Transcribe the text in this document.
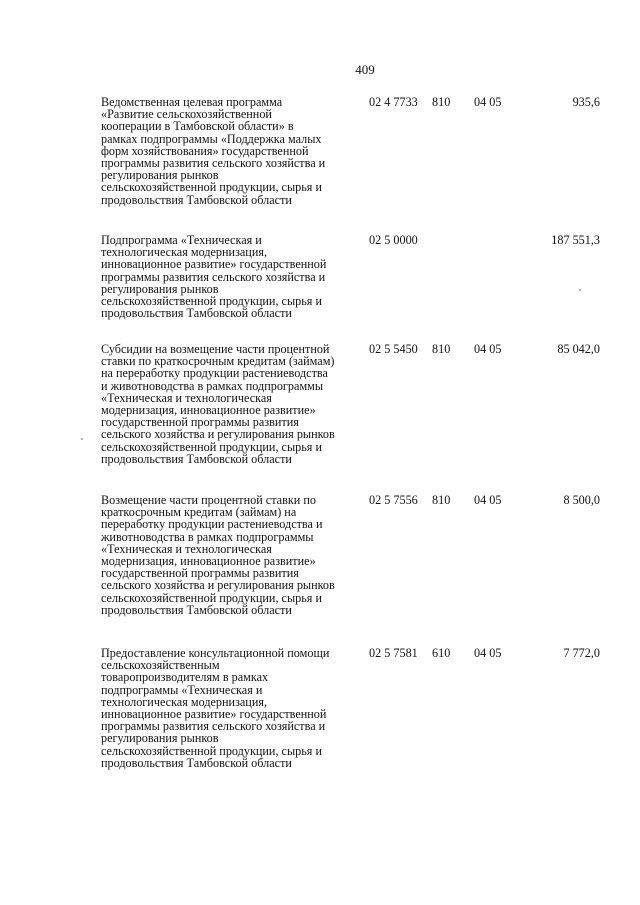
409
Ведомственная целевая программа
«Развитие сельскохозяйственной
кооперации в Тамбовской области» в
рамках подпрограммы «Поддержка малых
форм хозяйствования» государственной
программы развития сельского хозяйства и
регулирования рынков
сельскохозяйственной продукции, сырья и
продовольствия Тамбовской области
02 4 7733 810 04 05	935,6
Подпрограмма «Техническая и
технологическая модернизация,
инновационное развитие» государственной
программы развития сельского хозяйства и
регулирования рынков
сельскохозяйственной продукции, сырья и
продовольствия Тамбовской области
02 5 0000	187 551,3
Субсидии на возмещение части процентной
ставки по краткосрочным кредитам (займам)
на переработку продукции растениеводства
и животноводства в рамках подпрограммы
«Техническая и технологическая
модернизация, инновационное развитие»
государственной программы развития
сельского хозяйства и регулирования рынков
сельскохозяйственной продукции, сырья и
продовольствия Тамбовской области
02 5 5450 810 04 05	85 042,0
Возмещение части процентной ставки по
краткосрочным кредитам (займам) на
переработку продукции растениеводства и
животноводства в рамках подпрограммы
«Техническая и технологическая
модернизация, инновационное развитие»
государственной программы развития
сельского хозяйства и регулирования рынков
сельскохозяйственной продукции, сырья и
продовольствия Тамбовской области
02 5 7556 810 04 05	8 500,0
Предоставление консультационной помощи
сельскохозяйственным
товаропроизводителям в рамках
подпрограммы «Техническая и
технологическая модернизация,
инновационное развитие» государственной
программы развития сельского хозяйства и
регулирования рынков
сельскохозяйственной продукции, сырья и
продовольствия Тамбовской области
02 5 7581 610 04 05	7 772,0
